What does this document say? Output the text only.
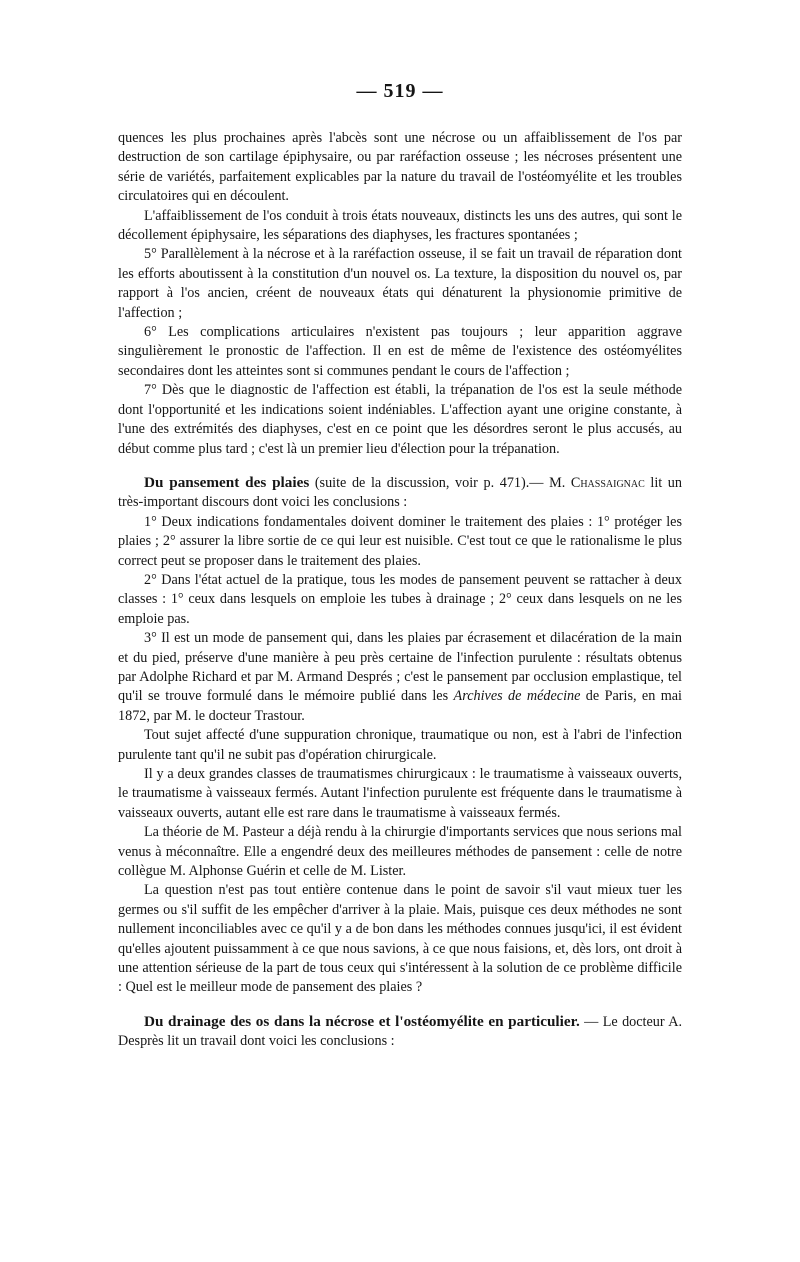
— 519 —

quences les plus prochaines après l'abcès sont une nécrose ou un affaiblissement de l'os par destruction de son cartilage épiphysaire, ou par raréfaction osseuse ; les nécroses présentent une série de variétés, parfaitement explicables par la nature du travail de l'ostéomyélite et les troubles circulatoires qui en découlent.

L'affaiblissement de l'os conduit à trois états nouveaux, distincts les uns des autres, qui sont le décollement épiphysaire, les séparations des diaphyses, les fractures spontanées ;

5° Parallèlement à la nécrose et à la raréfaction osseuse, il se fait un travail de réparation dont les efforts aboutissent à la constitution d'un nouvel os. La texture, la disposition du nouvel os, par rapport à l'os ancien, créent de nouveaux états qui dénaturent la physionomie primitive de l'affection ;

6° Les complications articulaires n'existent pas toujours ; leur apparition aggrave singulièrement le pronostic de l'affection. Il en est de même de l'existence des ostéomyélites secondaires dont les atteintes sont si communes pendant le cours de l'affection ;

7° Dès que le diagnostic de l'affection est établi, la trépanation de l'os est la seule méthode dont l'opportunité et les indications soient indéniables. L'affection ayant une origine constante, à l'une des extrémités des diaphyses, c'est en ce point que les désordres seront le plus accusés, au début comme plus tard ; c'est là un premier lieu d'élection pour la trépanation.

Du pansement des plaies (suite de la discussion, voir p. 471).— M. Chassaignac lit un très-important discours dont voici les conclusions :

1° Deux indications fondamentales doivent dominer le traitement des plaies : 1° protéger les plaies ; 2° assurer la libre sortie de ce qui leur est nuisible. C'est tout ce que le rationalisme le plus correct peut se proposer dans le traitement des plaies.

2° Dans l'état actuel de la pratique, tous les modes de pansement peuvent se rattacher à deux classes : 1° ceux dans lesquels on emploie les tubes à drainage ; 2° ceux dans lesquels on ne les emploie pas.

3° Il est un mode de pansement qui, dans les plaies par écrasement et dilacération de la main et du pied, préserve d'une manière à peu près certaine de l'infection purulente : résultats obtenus par Adolphe Richard et par M. Armand Després ; c'est le pansement par occlusion emplastique, tel qu'il se trouve formulé dans le mémoire publié dans les Archives de médecine de Paris, en mai 1872, par M. le docteur Trastour.

Tout sujet affecté d'une suppuration chronique, traumatique ou non, est à l'abri de l'infection purulente tant qu'il ne subit pas d'opération chirurgicale.

Il y a deux grandes classes de traumatismes chirurgicaux : le traumatisme à vaisseaux ouverts, le traumatisme à vaisseaux fermés. Autant l'infection purulente est fréquente dans le traumatisme à vaisseaux ouverts, autant elle est rare dans le traumatisme à vaisseaux fermés.

La théorie de M. Pasteur a déjà rendu à la chirurgie d'importants services que nous serions mal venus à méconnaître. Elle a engendré deux des meilleures méthodes de pansement : celle de notre collègue M. Alphonse Guérin et celle de M. Lister.

La question n'est pas tout entière contenue dans le point de savoir s'il vaut mieux tuer les germes ou s'il suffit de les empêcher d'arriver à la plaie. Mais, puisque ces deux méthodes ne sont nullement inconciliables avec ce qu'il y a de bon dans les méthodes connues jusqu'ici, il est évident qu'elles ajoutent puissamment à ce que nous savions, à ce que nous faisions, et, dès lors, ont droit à une attention sérieuse de la part de tous ceux qui s'intéressent à la solution de ce problème difficile : Quel est le meilleur mode de pansement des plaies ?

Du drainage des os dans la nécrose et l'ostéomyélite en particulier. — Le docteur A. Desprès lit un travail dont voici les conclusions :
